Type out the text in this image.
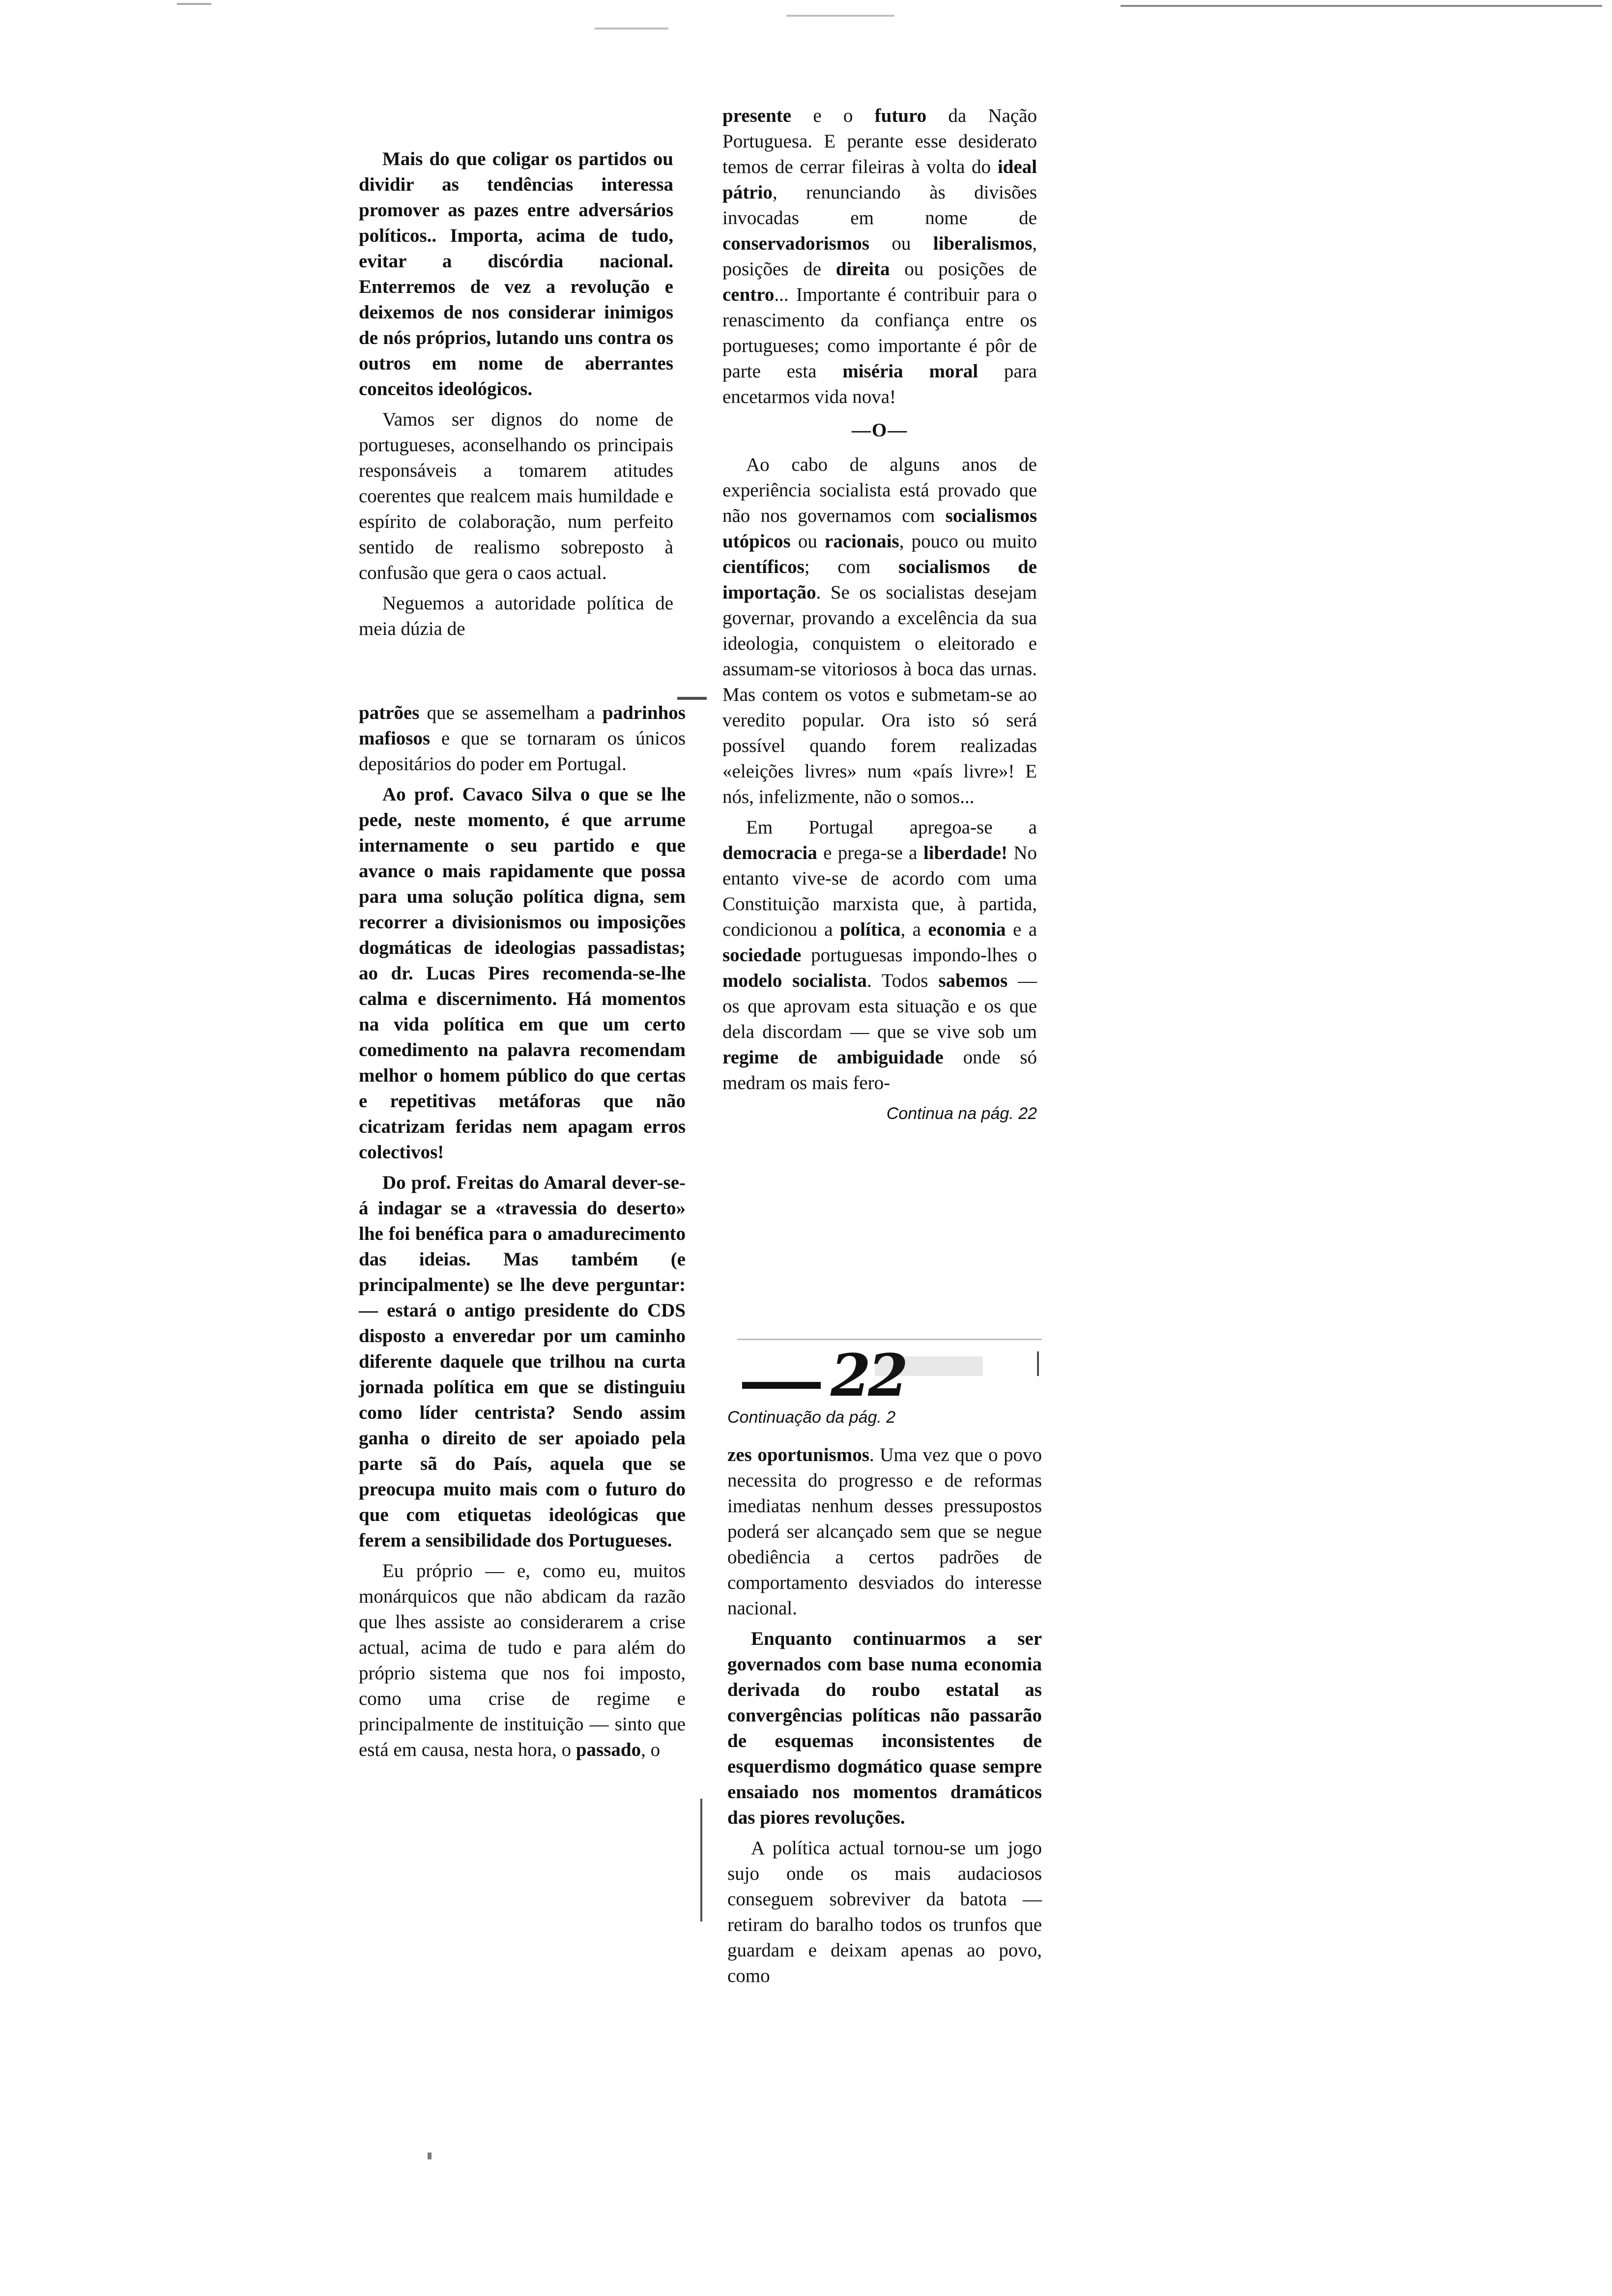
Mais do que coligar os partidos ou dividir as tendências interessa promover as pazes entre adversários políticos.. Importa, acima de tudo, evitar a discórdia nacional. Enterremos de vez a revolução e deixemos de nos considerar inimigos de nós próprios, lutando uns contra os outros em nome de aberrantes conceitos ideológicos.

Vamos ser dignos do nome de portugueses, aconselhando os principais responsáveis a tomarem atitudes coerentes que realcem mais humildade e espírito de colaboração, num perfeito sentido de realismo sobreposto à confusão que gera o caos actual.

Neguemos a autoridade política de meia dúzia de

patrões que se assemelham a padrinhos mafiosos e que se tornaram os únicos depositários do poder em Portugal.

Ao prof. Cavaco Silva o que se lhe pede, neste momento, é que arrume internamente o seu partido e que avance o mais rapidamente que possa para uma solução política digna, sem recorrer a divisionismos ou imposições dogmáticas de ideologias passadistas; ao dr. Lucas Pires recomenda-se-lhe calma e discernimento. Há momentos na vida política em que um certo comedimento na palavra recomendam melhor o homem público do que certas e repetitivas metáforas que não cicatrizam feridas nem apagam erros colectivos!

Do prof. Freitas do Amaral dever-se-á indagar se a «travessia do deserto» lhe foi benéfica para o amadurecimento das ideias. Mas também (e principalmente) se lhe deve perguntar: — estará o antigo presidente do CDS disposto a enveredar por um caminho diferente daquele que trilhou na curta jornada política em que se distinguiu como líder centrista? Sendo assim ganha o direito de ser apoiado pela parte sã do País, aquela que se preocupa muito mais com o futuro do que com etiquetas ideológicas que ferem a sensibilidade dos Portugueses.

Eu próprio — e, como eu, muitos monárquicos que não abdicam da razão que lhes assiste ao considerarem a crise actual, acima de tudo e para além do próprio sistema que nos foi imposto, como uma crise de regime e principalmente de instituição — sinto que está em causa, nesta hora, o passado, o

presente e o futuro da Nação Portuguesa. E perante esse desiderato temos de cerrar fileiras à volta do ideal pátrio, renunciando às divisões invocadas em nome de conservadorismos ou liberalismos, posições de direita ou posições de centro... Importante é contribuir para o renascimento da confiança entre os portugueses; como importante é pôr de parte esta miséria moral para encetarmos vida nova!

—O—

Ao cabo de alguns anos de experiência socialista está provado que não nos governamos com socialismos utópicos ou racionais, pouco ou muito científicos; com socialismos de importação. Se os socialistas desejam governar, provando a excelência da sua ideologia, conquistem o eleitorado e assumam-se vitoriosos à boca das urnas. Mas contem os votos e submetam-se ao veredito popular. Ora isto só será possível quando forem realizadas «eleições livres» num «país livre»! E nós, infelizmente, não o somos...

Em Portugal apregoa-se a democracia e prega-se a liberdade! No entanto vive-se de acordo com uma Constituição marxista que, à partida, condicionou a política, a economia e a sociedade portuguesas impondo-lhes o modelo socialista. Todos sabemos — os que aprovam esta situação e os que dela discordam — que se vive sob um regime de ambiguidade onde só medram os mais fero-

Continua na pág. 22
22
Continuação da pág. 2

zes oportunismos. Uma vez que o povo necessita do progresso e de reformas imediatas nenhum desses pressupostos poderá ser alcançado sem que se negue obediência a certos padrões de comportamento desviados do interesse nacional.

Enquanto continuarmos a ser governados com base numa economia derivada do roubo estatal as convergências políticas não passarão de esquemas inconsistentes de esquerdismo dogmático quase sempre ensaiado nos momentos dramáticos das piores revoluções.

A política actual tornou-se um jogo sujo onde os mais audaciosos conseguem sobreviver da batota — retiram do baralho todos os trunfos que guardam e deixam apenas ao povo, como
